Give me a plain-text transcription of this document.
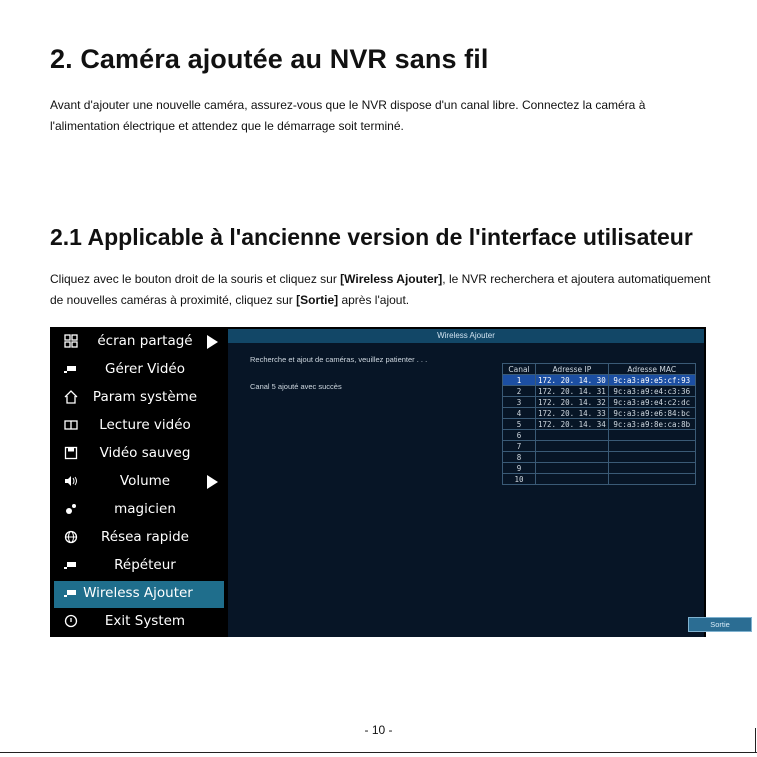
2. Caméra ajoutée au NVR sans fil
Avant d'ajouter une nouvelle caméra, assurez-vous que le NVR dispose d'un canal libre. Connectez la caméra à l'alimentation électrique et attendez que le démarrage soit terminé.
2.1 Applicable à l'ancienne version de l'interface utilisateur
Cliquez avec le bouton droit de la souris et cliquez sur [Wireless Ajouter], le NVR recherchera et ajoutera automatiquement de nouvelles caméras à proximité, cliquez sur [Sortie] après l'ajout.
écran partagé
Gérer Vidéo
Param système
Lecture vidéo
Vidéo sauveg
Volume
magicien
Résea rapide
Répéteur
Wireless Ajouter
Exit System
Wireless Ajouter
Recherche et ajout de caméras, veuillez patienter . . .
Canal 5 ajouté avec succès
Canal	Adresse IP	Adresse MAC
1	172. 20. 14. 30	9c:a3:a9:e5:cf:93
2	172. 20. 14. 31	9c:a3:a9:e4:c3:36
3	172. 20. 14. 32	9c:a3:a9:e4:c2:dc
4	172. 20. 14. 33	9c:a3:a9:e6:84:bc
5	172. 20. 14. 34	9c:a3:a9:8e:ca:8b
6		
7		
8		
9		
10		
Sortie
- 10 -
